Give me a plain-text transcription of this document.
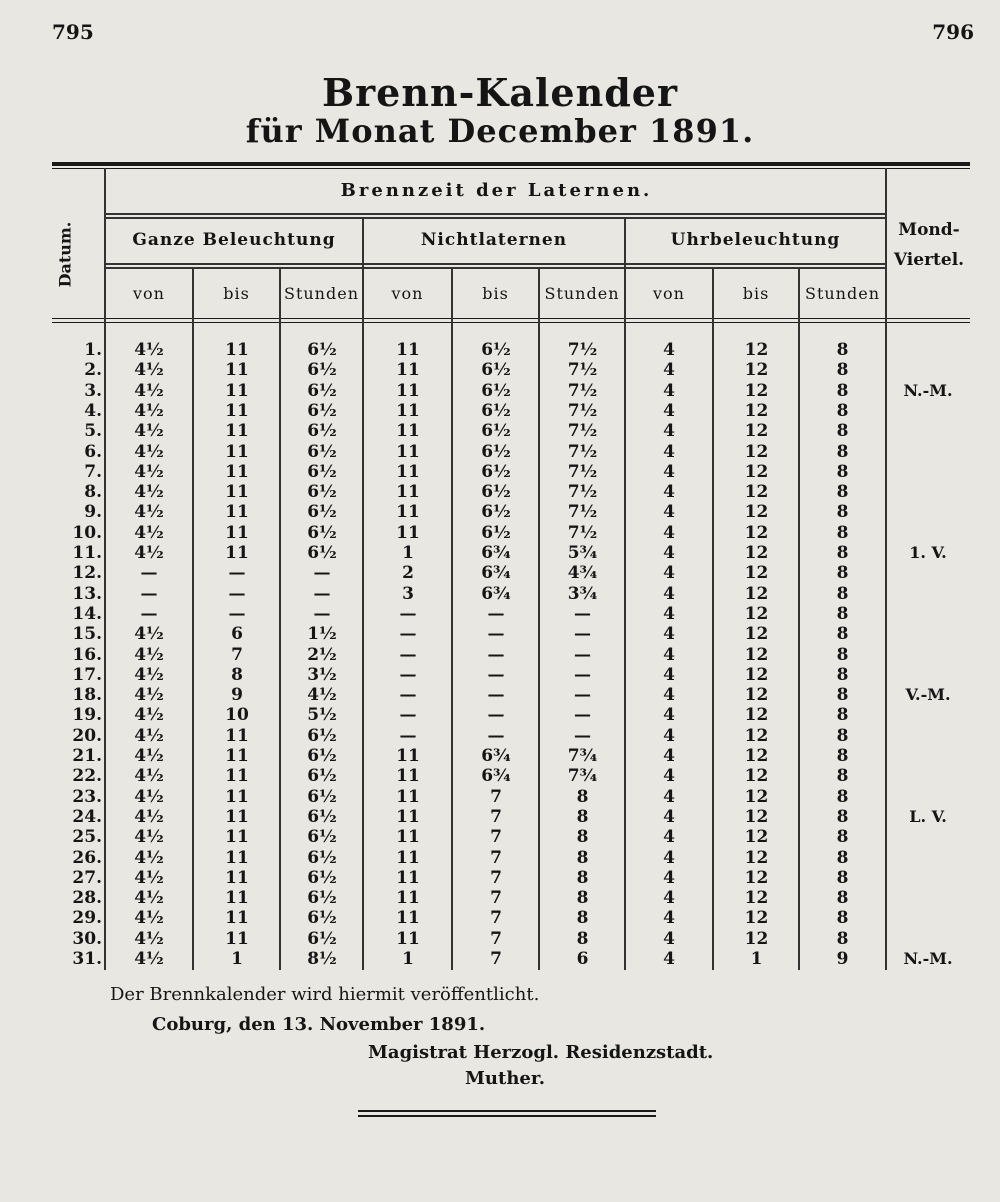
795	796
Brenn-Kalender
für Monat December 1891.
Datum.
Brennzeit der Laternen.
Ganze Beleuchtung	Nichtlaternen	Uhrbeleuchtung
von	bis	Stunden	von	bis	Stunden	von	bis	Stunden
Mond-
Viertel.
1.	4½	11	6½	11	6½	7½	4	12	8
2.	4½	11	6½	11	6½	7½	4	12	8
3.	4½	11	6½	11	6½	7½	4	12	8	N.-M.
4.	4½	11	6½	11	6½	7½	4	12	8
5.	4½	11	6½	11	6½	7½	4	12	8
6.	4½	11	6½	11	6½	7½	4	12	8
7.	4½	11	6½	11	6½	7½	4	12	8
8.	4½	11	6½	11	6½	7½	4	12	8
9.	4½	11	6½	11	6½	7½	4	12	8
10.	4½	11	6½	11	6½	7½	4	12	8
11.	4½	11	6½	1	6¾	5¾	4	12	8	1. V.
12.	—	—	—	2	6¾	4¾	4	12	8
13.	—	—	—	3	6¾	3¾	4	12	8
14.	—	—	—	—	—	—	4	12	8
15.	4½	6	1½	—	—	—	4	12	8
16.	4½	7	2½	—	—	—	4	12	8
17.	4½	8	3½	—	—	—	4	12	8
18.	4½	9	4½	—	—	—	4	12	8	V.-M.
19.	4½	10	5½	—	—	—	4	12	8
20.	4½	11	6½	—	—	—	4	12	8
21.	4½	11	6½	11	6¾	7¾	4	12	8
22.	4½	11	6½	11	6¾	7¾	4	12	8
23.	4½	11	6½	11	7	8	4	12	8
24.	4½	11	6½	11	7	8	4	12	8	L. V.
25.	4½	11	6½	11	7	8	4	12	8
26.	4½	11	6½	11	7	8	4	12	8
27.	4½	11	6½	11	7	8	4	12	8
28.	4½	11	6½	11	7	8	4	12	8
29.	4½	11	6½	11	7	8	4	12	8
30.	4½	11	6½	11	7	8	4	12	8
31.	4½	1	8½	1	7	6	4	1	9	N.-M.
Der Brennkalender wird hiermit veröffentlicht.
Coburg, den 13. November 1891.
Magistrat Herzogl. Residenzstadt.
Muther.
